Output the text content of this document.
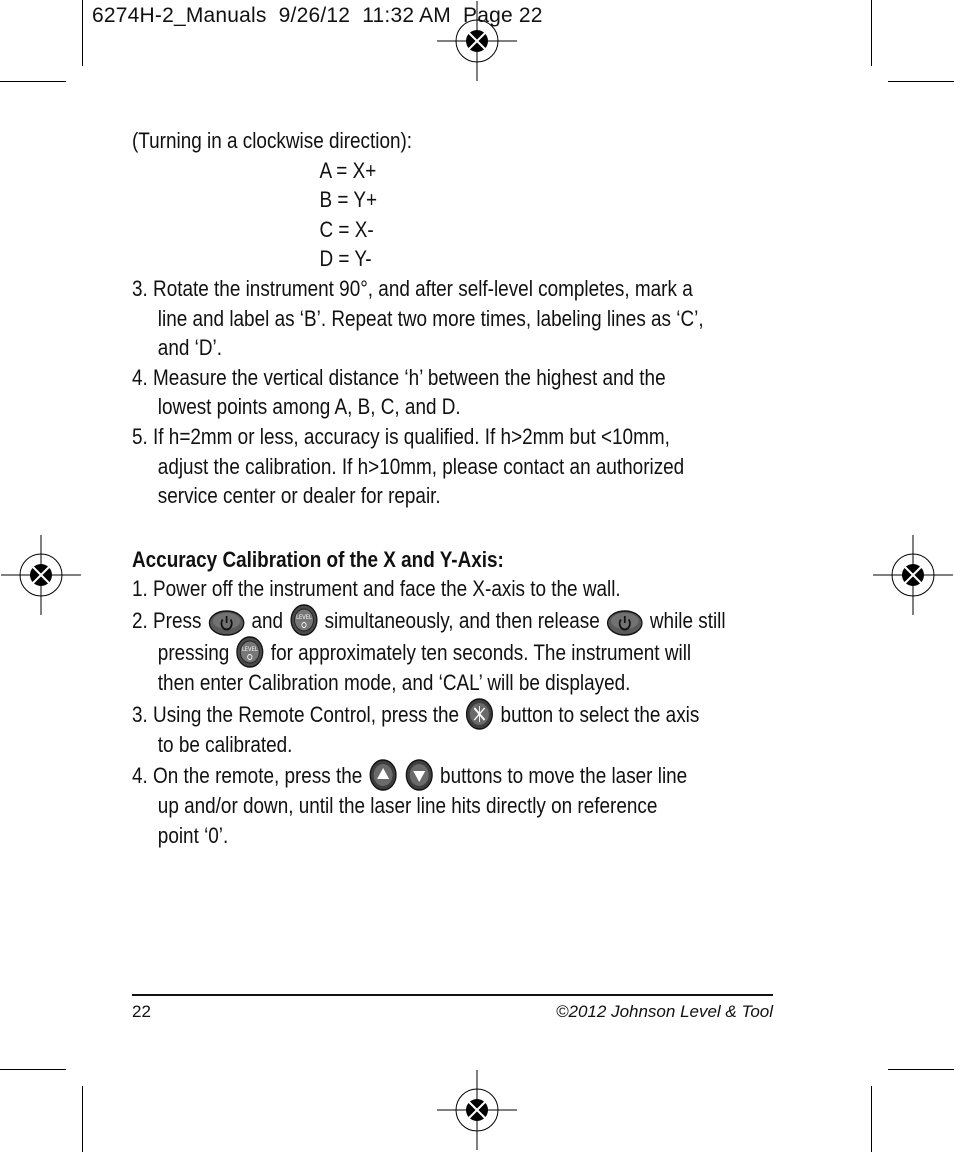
6274H-2_Manuals  9/26/12  11:32 AM  Page 22
(Turning in a clockwise direction):
A = X+
B = Y+
C = X-
D = Y-
3. Rotate the instrument 90°, and after self-level completes, mark a
line and label as ‘B’. Repeat two more times, labeling lines as ‘C’,
and ‘D’.
4. Measure the vertical distance ‘h’ between the highest and the
lowest points among A, B, C, and D.
5. If h=2mm or less, accuracy is qualified. If h>2mm but <10mm,
adjust the calibration. If h>10mm, please contact an authorized
service center or dealer for repair.
Accuracy Calibration of the X and Y-Axis:
1. Power off the instrument and face the X-axis to the wall.
2. Press and LEVEL simultaneously, and then release while still
pressing LEVEL for approximately ten seconds. The instrument will
then enter Calibration mode, and ‘CAL’ will be displayed.
3. Using the Remote Control, press the button to select the axis
to be calibrated.
4. On the remote, press the	buttons to move the laser line
up and/or down, until the laser line hits directly on reference
point ‘0’.
22	©2012 Johnson Level & Tool
